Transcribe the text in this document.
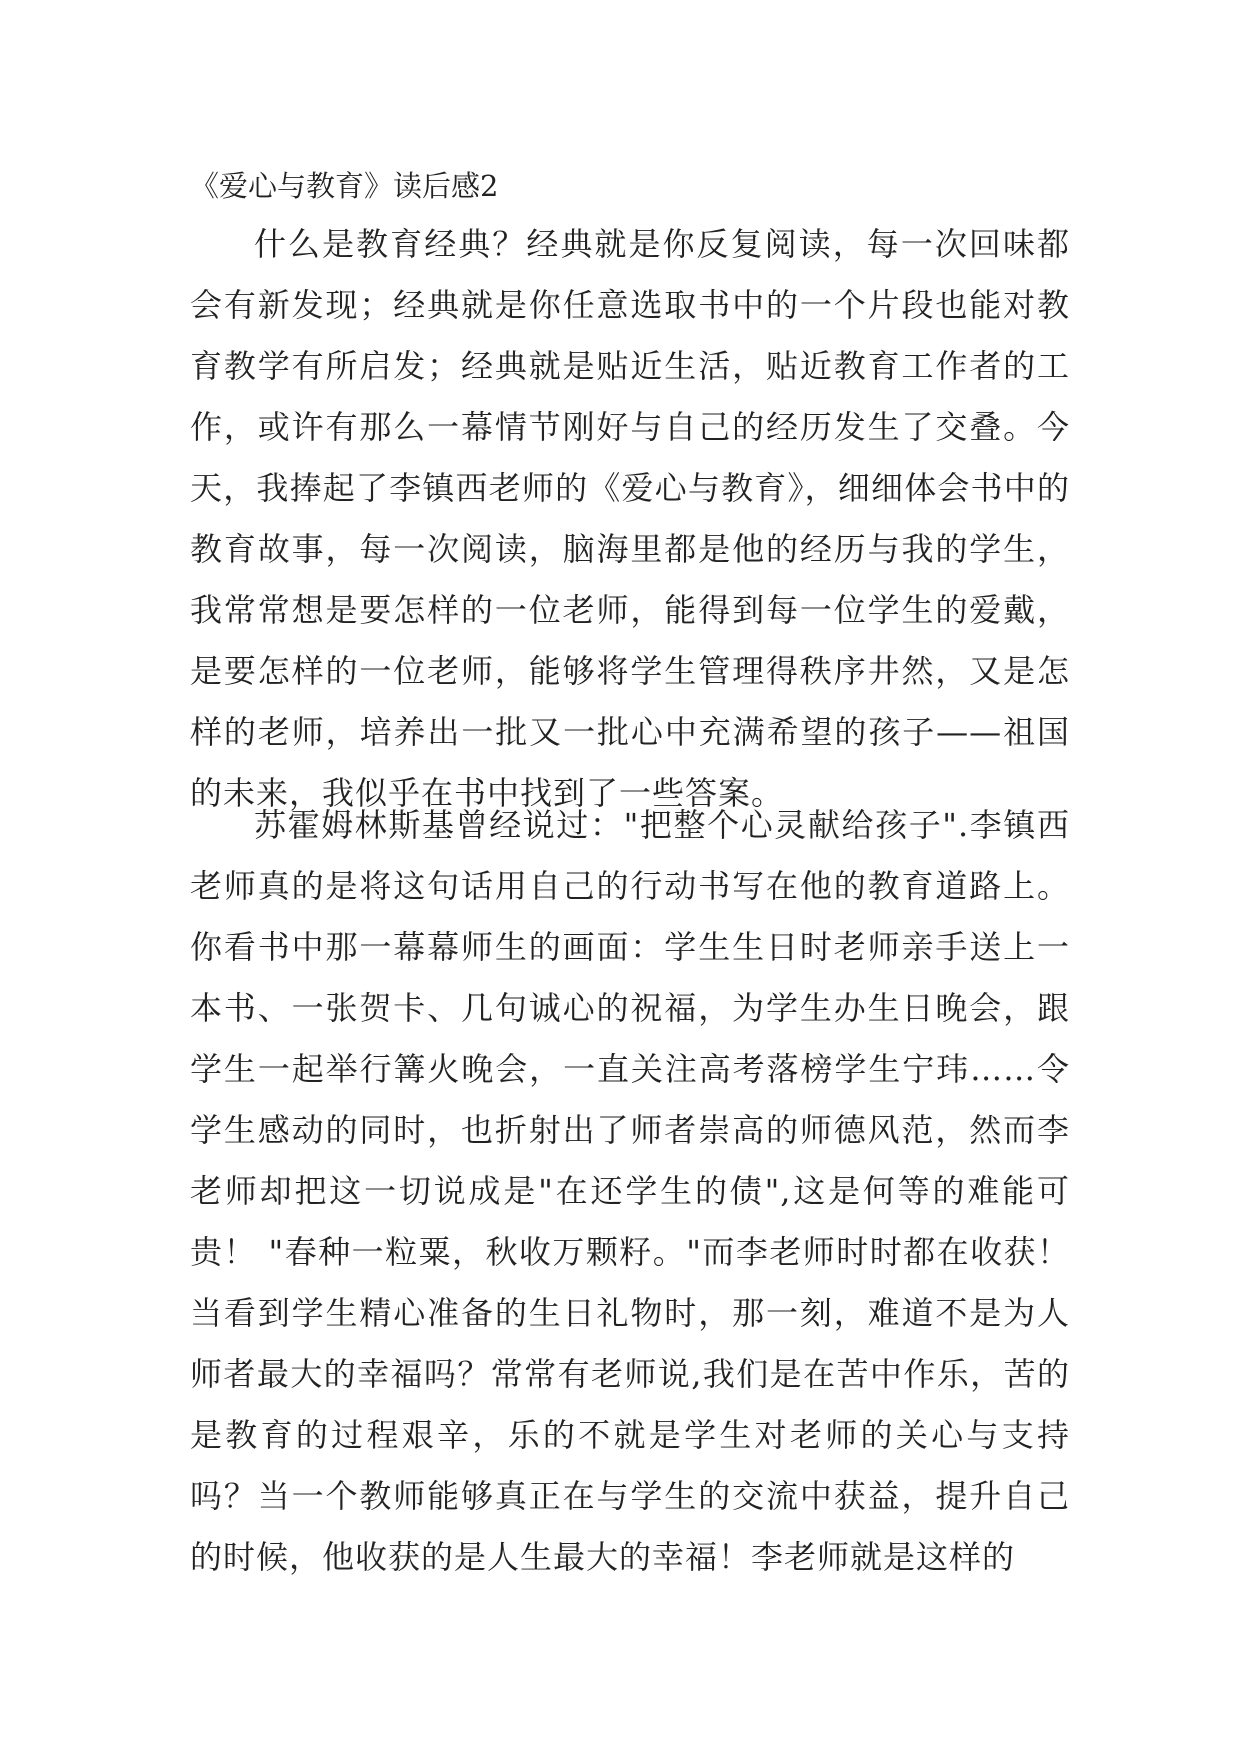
《爱心与教育》读后感2

什么是教育经典？经典就是你反复阅读，每一次回味都会有新发现；经典就是你任意选取书中的一个片段也能对教育教学有所启发；经典就是贴近生活，贴近教育工作者的工作，或许有那么一幕情节刚好与自己的经历发生了交叠。今天，我捧起了李镇西老师的《爱心与教育》，细细体会书中的教育故事，每一次阅读，脑海里都是他的经历与我的学生，我常常想是要怎样的一位老师，能得到每一位学生的爱戴，是要怎样的一位老师，能够将学生管理得秩序井然，又是怎样的老师，培养出一批又一批心中充满希望的孩子——祖国的未来，我似乎在书中找到了一些答案。

苏霍姆林斯基曾经说过："把整个心灵献给孩子".李镇西老师真的是将这句话用自己的行动书写在他的教育道路上。你看书中那一幕幕师生的画面：学生生日时老师亲手送上一本书、一张贺卡、几句诚心的祝福，为学生办生日晚会，跟学生一起举行篝火晚会，一直关注高考落榜学生宁玮……令学生感动的同时，也折射出了师者崇高的师德风范，然而李老师却把这一切说成是"在还学生的债",这是何等的难能可贵！ "春种一粒粟，秋收万颗籽。"而李老师时时都在收获！当看到学生精心准备的生日礼物时，那一刻，难道不是为人师者最大的幸福吗？常常有老师说,我们是在苦中作乐，苦的是教育的过程艰辛，乐的不就是学生对老师的关心与支持吗？当一个教师能够真正在与学生的交流中获益，提升自己的时候，他收获的是人生最大的幸福！李老师就是这样的
